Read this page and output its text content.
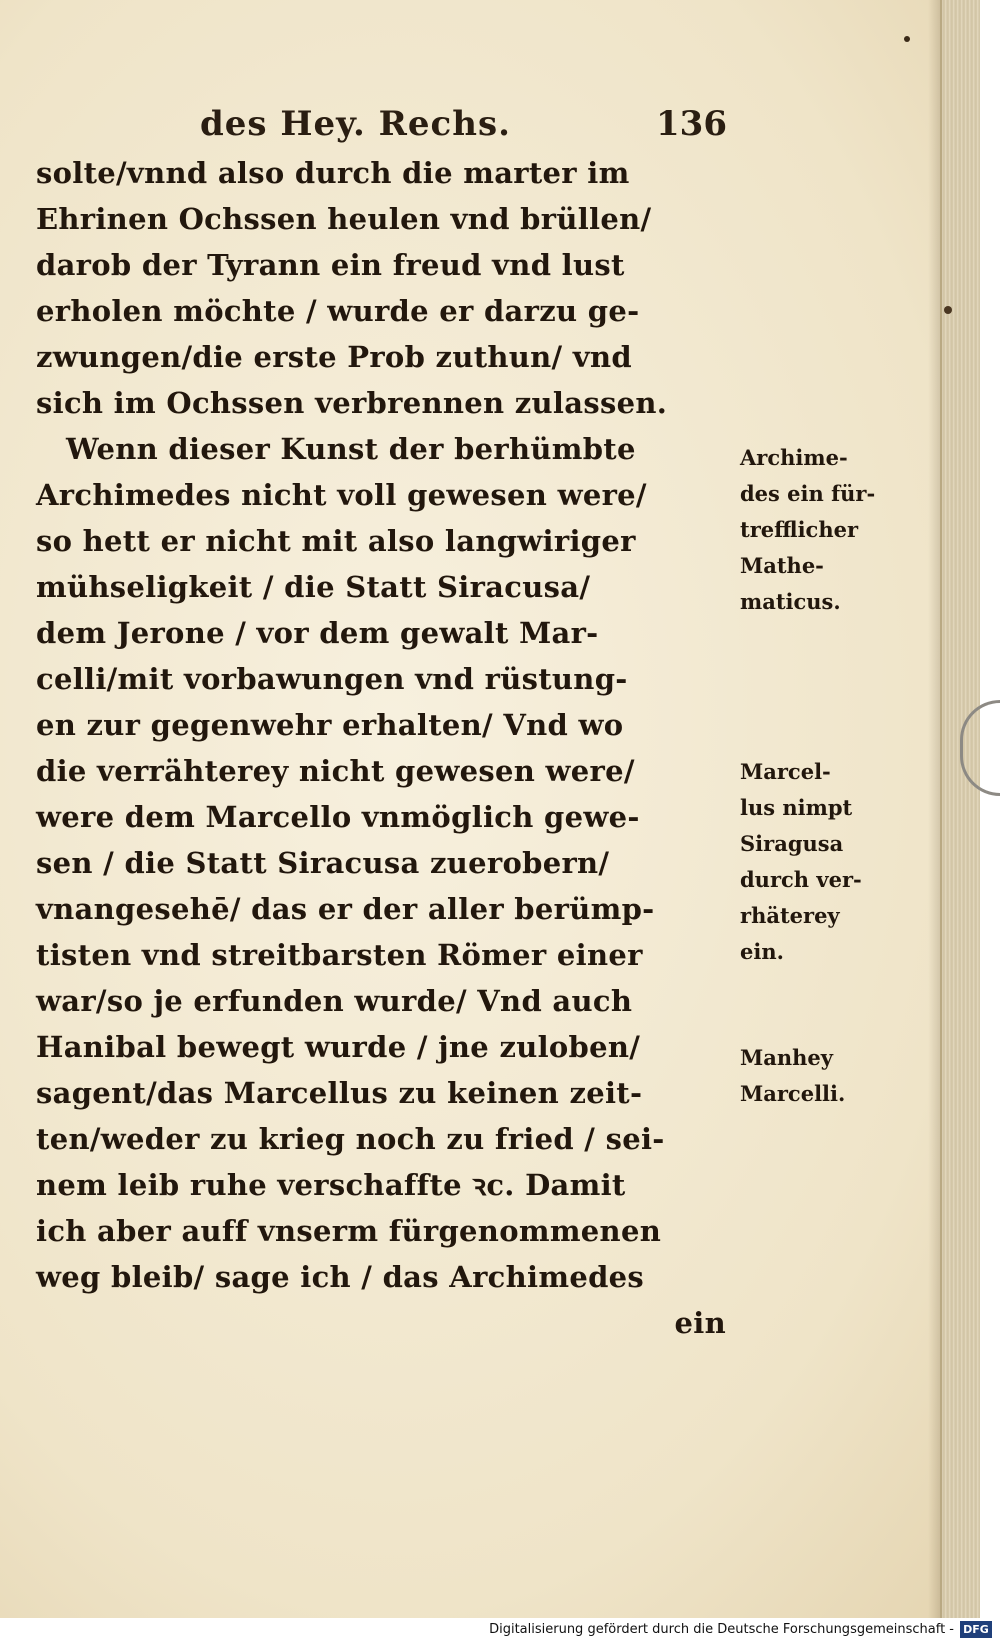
des Hey. Rechs.	136
solte/vnnd also durch die marter im
Ehrinen Ochssen heulen vnd brüllen/
darob der Tyrann ein freud vnd lust
erholen möchte / wurde er darzu ge-
zwungen/die erste Prob zuthun/ vnd
sich im Ochssen verbrennen zulassen.
Wenn dieser Kunst der berhümbte
Archimedes nicht voll gewesen were/
so hett er nicht mit also langwiriger
mühseligkeit / die Statt Siracusa/
dem Jerone / vor dem gewalt Mar-
celli/mit vorbawungen vnd rüstung-
en zur gegenwehr erhalten/ Vnd wo
die verrähterey nicht gewesen were/
were dem Marcello vnmöglich gewe-
sen / die Statt Siracusa zuerobern/
vnangesehē/ das er der aller berümp-
tisten vnd streitbarsten Römer einer
war/so je erfunden wurde/ Vnd auch
Hanibal bewegt wurde / jne zuloben/
sagent/das Marcellus zu keinen zeit-
ten/weder zu krieg noch zu fried / sei-
nem leib ruhe verschaffte ꝛc. Damit
ich aber auff vnserm fürgenommenen
weg bleib/ sage ich / das Archimedes
ein
Archime-
des ein für-
trefflicher
Mathe-
maticus.
Marcel-
lus nimpt
Siragusa
durch ver-
rhäterey
ein.
Manhey
Marcelli.
Digitalisierung gefördert durch die Deutsche Forschungsgemeinschaft - DFG
